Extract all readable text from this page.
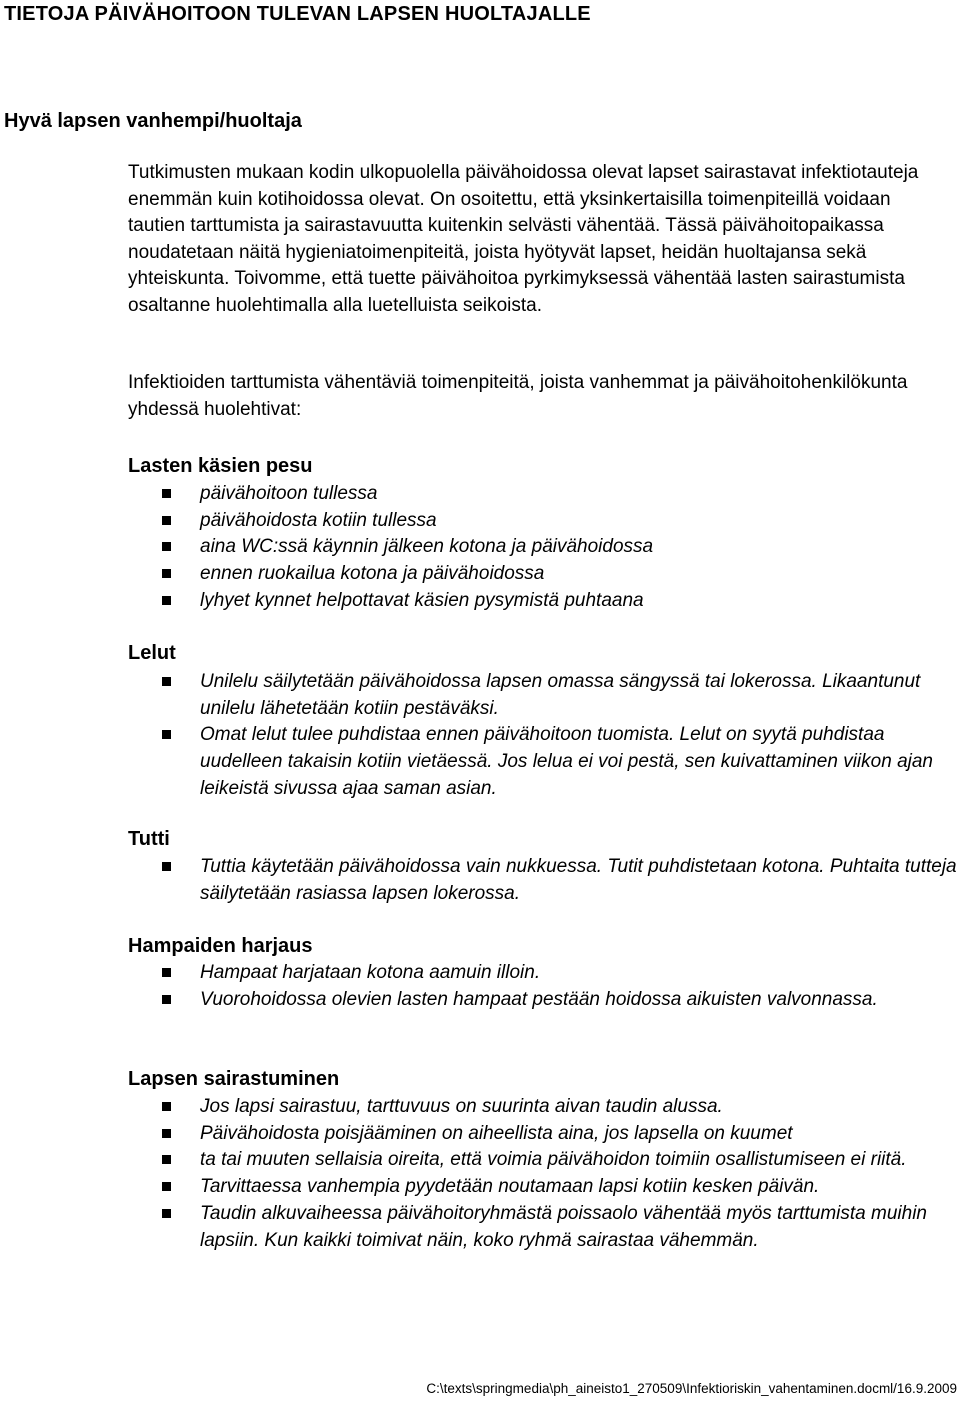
TIETOJA PÄIVÄHOITOON TULEVAN LAPSEN HUOLTAJALLE
Hyvä lapsen vanhempi/huoltaja

Tutkimusten mukaan kodin ulkopuolella päivähoidossa olevat lapset sairastavat infektiotauteja enemmän kuin kotihoidossa olevat. On osoitettu, että yksinkertaisilla toimenpiteillä voidaan tautien tarttumista ja sairastavuutta kuitenkin selvästi vähentää. Tässä päivähoitopaikassa noudatetaan näitä hygieniatoimenpiteitä, joista hyötyvät lapset, heidän huoltajansa sekä yhteiskunta. Toivomme, että tuette päivähoitoa pyrkimyksessä vähentää lasten sairastumista osaltanne huolehtimalla alla luetelluista seikoista.

Infektioiden tarttumista vähentäviä toimenpiteitä, joista vanhemmat ja päivähoitohenkilökunta yhdessä huolehtivat:

Lasten käsien pesu
päivähoitoon tullessa
päivähoidosta kotiin tullessa
aina WC:ssä käynnin jälkeen kotona ja päivähoidossa
ennen ruokailua kotona ja päivähoidossa
lyhyet kynnet helpottavat käsien pysymistä puhtaana
Lelut
Unilelu säilytetään päivähoidossa lapsen omassa sängyssä tai lokerossa. Likaantunut unilelu lähetetään kotiin pestäväksi.
Omat lelut tulee puhdistaa ennen päivähoitoon tuomista. Lelut on syytä puhdistaa uudelleen takaisin kotiin vietäessä. Jos lelua ei voi pestä, sen kuivattaminen viikon ajan leikeistä sivussa ajaa saman asian.
Tutti
Tuttia käytetään päivähoidossa vain nukkuessa. Tutit puhdistetaan kotona. Puhtaita tutteja säilytetään rasiassa lapsen lokerossa.
Hampaiden harjaus
Hampaat harjataan kotona aamuin illoin.
Vuorohoidossa olevien lasten hampaat pestään hoidossa aikuisten valvonnassa.
Lapsen sairastuminen
Jos lapsi sairastuu, tarttuvuus on suurinta aivan taudin alussa.
Päivähoidosta poisjääminen on aiheellista aina, jos lapsella on kuumet
ta tai muuten sellaisia oireita, että voimia päivähoidon toimiin osallistumiseen ei riitä.
Tarvittaessa vanhempia pyydetään noutamaan lapsi kotiin kesken päivän.
Taudin alkuvaiheessa päivähoitoryhmästä poissaolo vähentää myös tarttumista muihin lapsiin. Kun kaikki toimivat näin, koko ryhmä sairastaa vähemmän.
C:\texts\springmedia\ph_aineisto1_270509\Infektioriskin_vahentaminen.docml/16.9.2009
